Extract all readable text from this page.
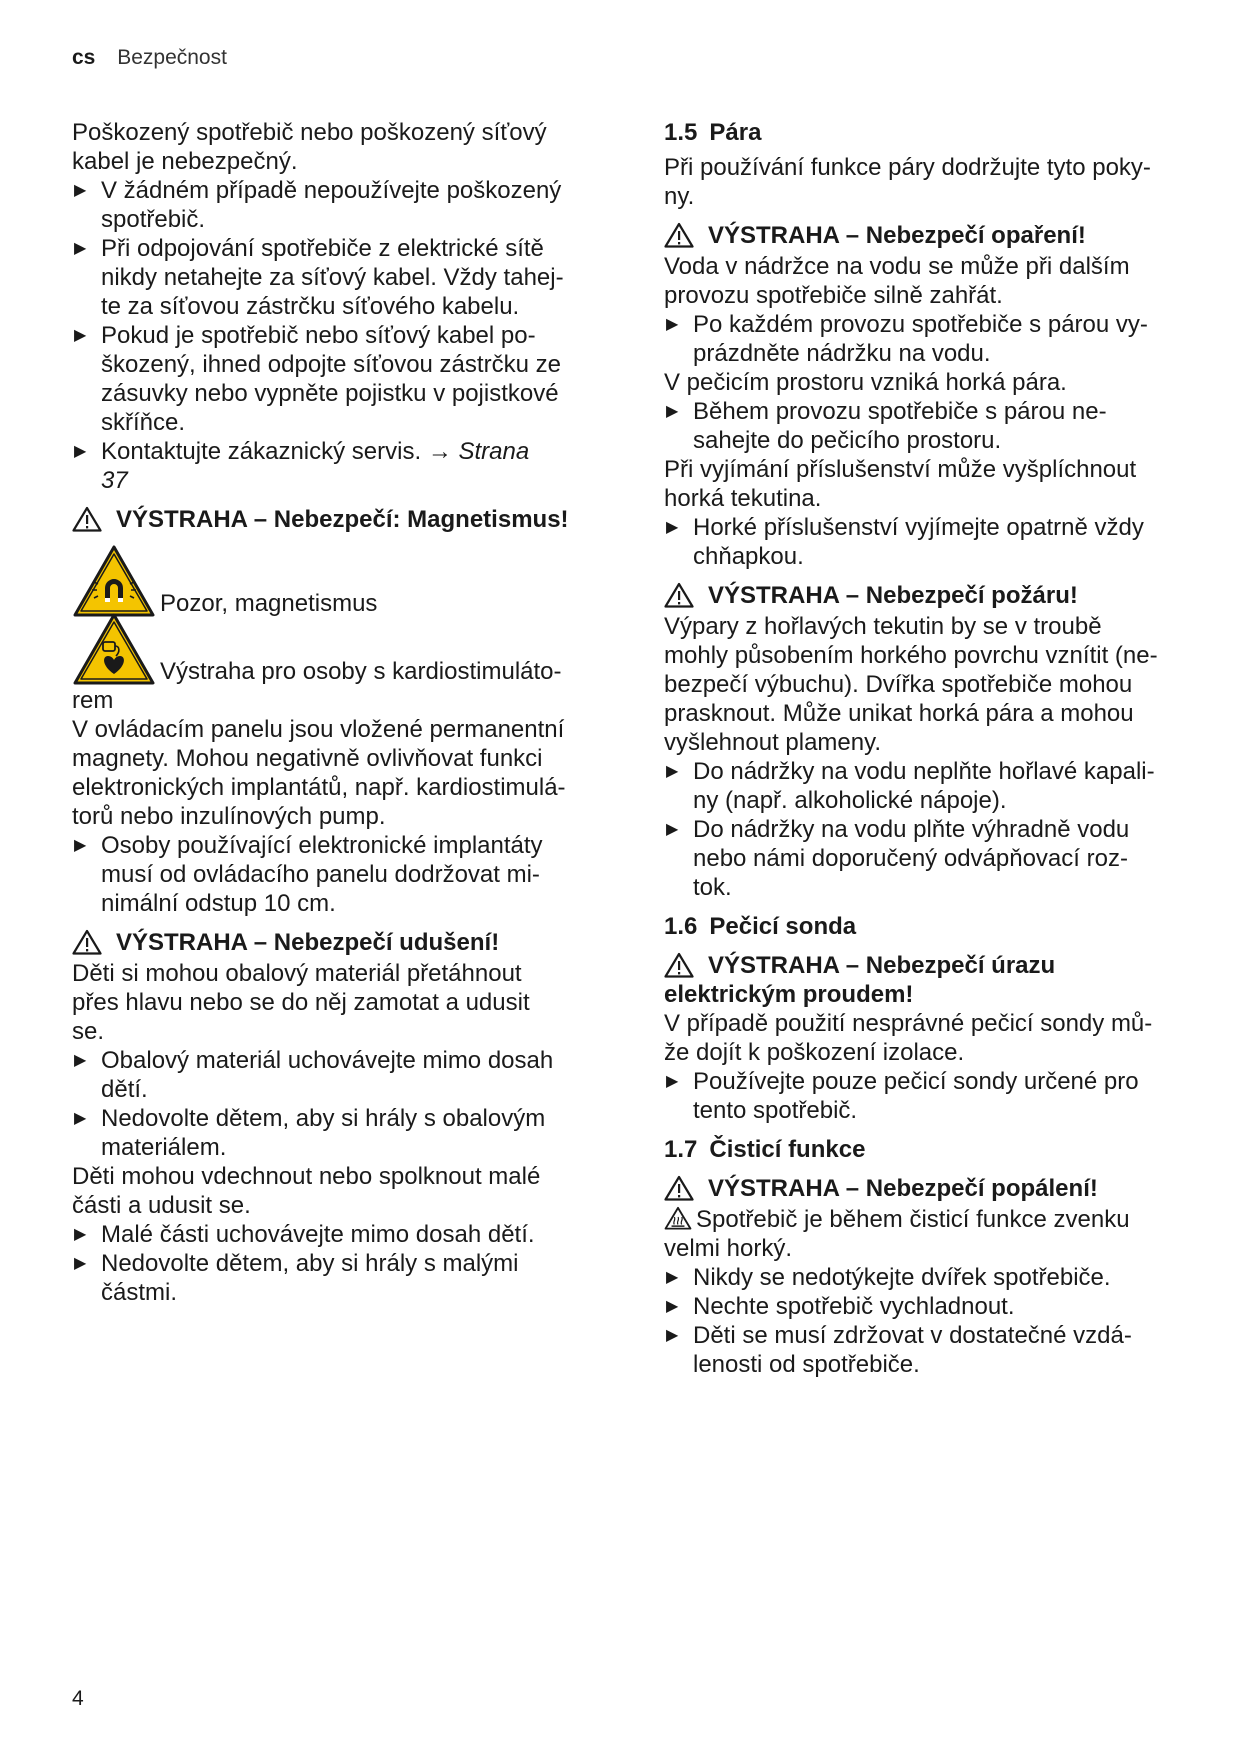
cs Bezpečnost

Poškozený spotřebič nebo poškozený síťový
kabel je nebezpečný.

▶ V žádném případě nepoužívejte poškozený
spotřebič.

▶ Při odpojování spotřebiče z elektrické sítě
nikdy netahejte za síťový kabel. Vždy tahej-
te za síťovou zástrčku síťového kabelu.

▶ Pokud je spotřebič nebo síťový kabel po-
škozený, ihned odpojte síťovou zástrčku ze
zásuvky nebo vypněte pojistku v pojistkové
skříňce.

▶ Kontaktujte zákaznický servis. → Strana
37

VÝSTRAHA – Nebezpečí: Magnetismus!
Pozor, magnetismus
Výstraha pro osoby s kardiostimuláto-

rem

V ovládacím panelu jsou vložené permanentní
magnety. Mohou negativně ovlivňovat funkci
elektronických implantátů, např. kardiostimulá-
torů nebo inzulínových pump.

▶ Osoby používající elektronické implantáty
musí od ovládacího panelu dodržovat mi-
nimální odstup 10 cm.

VÝSTRAHA – Nebezpečí udušení!

Děti si mohou obalový materiál přetáhnout
přes hlavu nebo se do něj zamotat a udusit
se.

▶ Obalový materiál uchovávejte mimo dosah
dětí.

▶ Nedovolte dětem, aby si hrály s obalovým
materiálem.

Děti mohou vdechnout nebo spolknout malé
části a udusit se.

▶ Malé části uchovávejte mimo dosah dětí.

▶ Nedovolte dětem, aby si hrály s malými
částmi.

1.5 Pára

Při používání funkce páry dodržujte tyto poky-
ny.

VÝSTRAHA – Nebezpečí opaření!

Voda v nádržce na vodu se může při dalším
provozu spotřebiče silně zahřát.

▶ Po každém provozu spotřebiče s párou vy-
prázdněte nádržku na vodu.

V pečicím prostoru vzniká horká pára.

▶ Během provozu spotřebiče s párou ne-
sahejte do pečicího prostoru.

Při vyjímání příslušenství může vyšplíchnout
horká tekutina.

▶ Horké příslušenství vyjímejte opatrně vždy
chňapkou.

VÝSTRAHA – Nebezpečí požáru!

Výpary z hořlavých tekutin by se v troubě
mohly působením horkého povrchu vznítit (ne-
bezpečí výbuchu). Dvířka spotřebiče mohou
prasknout. Může unikat horká pára a mohou
vyšlehnout plameny.

▶ Do nádržky na vodu neplňte hořlavé kapali-
ny (např. alkoholické nápoje).

▶ Do nádržky na vodu plňte výhradně vodu
nebo námi doporučený odvápňovací roz-
tok.

1.6 Pečicí sonda
VÝSTRAHA – Nebezpečí úrazu

elektrickým proudem!

V případě použití nesprávné pečicí sondy mů-
že dojít k poškození izolace.

▶ Používejte pouze pečicí sondy určené pro
tento spotřebič.

1.7 Čisticí funkce
VÝSTRAHA – Nebezpečí popálení!

Spotřebič je během čisticí funkce zvenku
velmi horký.

▶ Nikdy se nedotýkejte dvířek spotřebiče.

▶ Nechte spotřebič vychladnout.

▶ Děti se musí zdržovat v dostatečné vzdá-
lenosti od spotřebiče.

4
